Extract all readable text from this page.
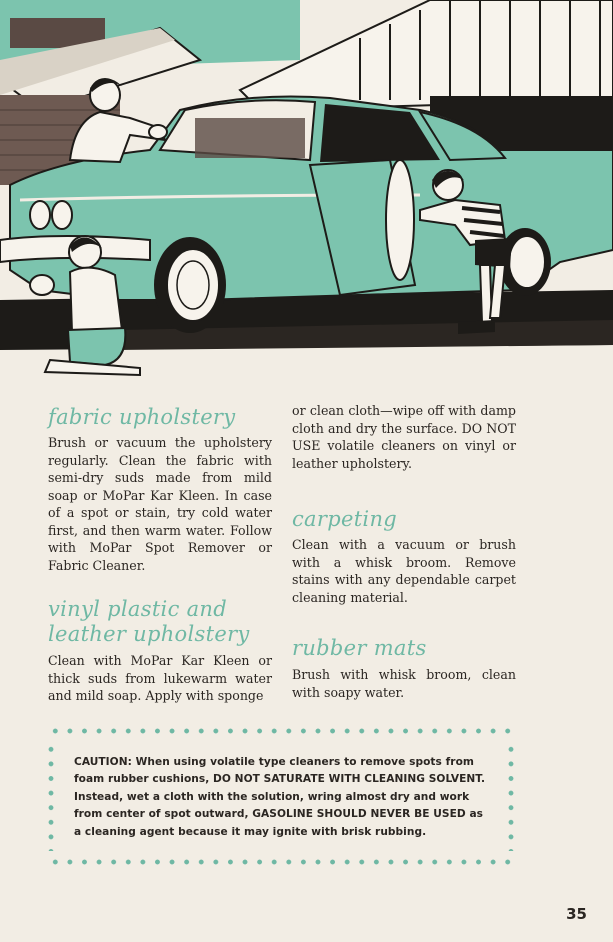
fabric upholstery

Brush or vacuum the upholstery regularly. Clean the fabric with semi-dry suds made from mild soap or MoPar Kar Kleen. In case of a spot or stain, try cold water first, and then warm water. Follow with MoPar Spot Remover or Fabric Cleaner.

vinyl plastic and
leather upholstery

Clean with MoPar Kar Kleen or thick suds from lukewarm water and mild soap. Apply with sponge

or clean cloth—wipe off with damp cloth and dry the surface. DO NOT USE volatile cleaners on vinyl or leather upholstery.

carpeting

Clean with a vacuum or brush with a whisk broom. Remove stains with any dependable carpet cleaning material.

rubber mats

Brush with whisk broom, clean with soapy water.

CAUTION: When using volatile type cleaners to remove spots from foam rubber cushions, DO NOT SATURATE WITH CLEANING SOLVENT. Instead, wet a cloth with the solution, wring almost dry and work from center of spot outward, GASOLINE SHOULD NEVER BE USED as a cleaning agent because it may ignite with brisk rubbing.

35
